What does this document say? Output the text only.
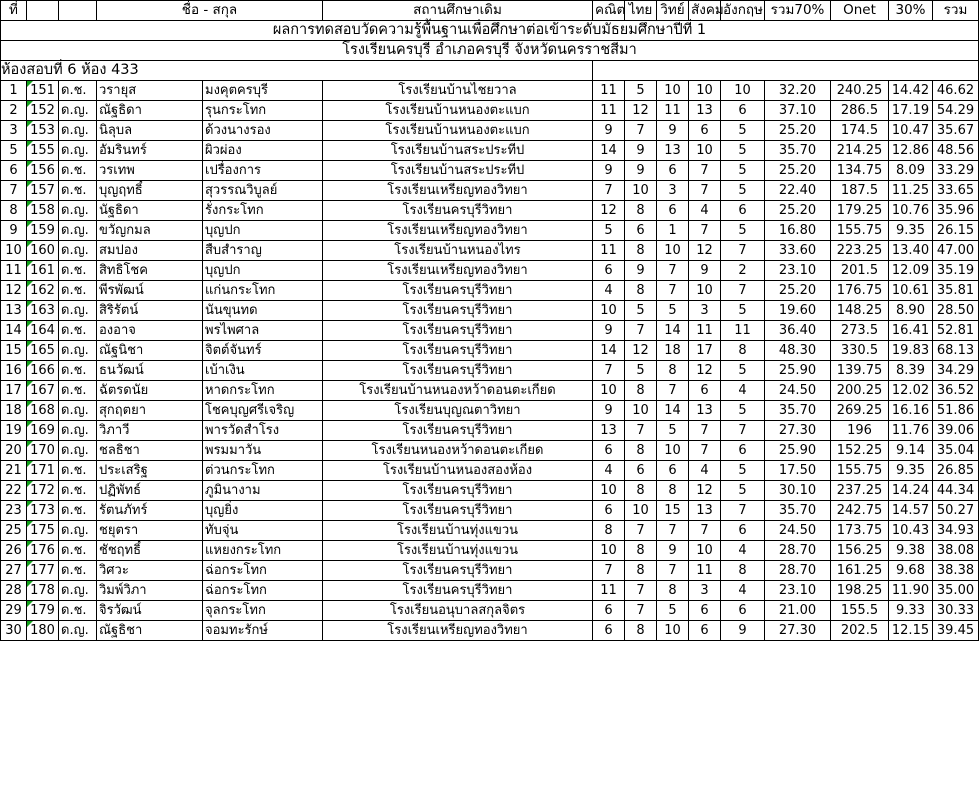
ผลการทดสอบวัดความรู้พื้นฐานเพื่อศึกษาต่อเข้าระดับมัธยมศึกษาปีที่ 1														
โรงเรียนครบุรี อำเภอครบุรี จังหวัดนครราชสีมา														
ห้องสอบที่ 6 ห้อง 433														
ที่			ชื่อ - สกุล		สถานศึกษาเดิม	คณิต	ไทย	วิทย์	สังคม	อังกฤษ	รวม70%	Onet	30%	รวม
1	151	ด.ช.	วรายุส	มงคุตครบุรี	โรงเรียนบ้านไชยวาล	11	5	10	10	10	32.20	240.25	14.42	46.62
2	152	ด.ญ.	ณัฐธิดา	รุนกระโทก	โรงเรียนบ้านหนองตะแบก	11	12	11	13	6	37.10	286.5	17.19	54.29
3	153	ด.ญ.	นิลุบล	ด้วงนางรอง	โรงเรียนบ้านหนองตะแบก	9	7	9	6	5	25.20	174.5	10.47	35.67
5	155	ด.ญ.	อัมรินทร์	ผิวผ่อง	โรงเรียนบ้านสระประทีป	14	9	13	10	5	35.70	214.25	12.86	48.56
6	156	ด.ช.	วรเทพ	เปรื่องการ	โรงเรียนบ้านสระประทีป	9	9	6	7	5	25.20	134.75	8.09	33.29
7	157	ด.ช.	บุญฤทธิ์	สุวรรณวิบูลย์	โรงเรียนเหรียญทองวิทยา	7	10	3	7	5	22.40	187.5	11.25	33.65
8	158	ด.ญ.	นัฐธิดา	รั่งกระโทก	โรงเรียนครบุรีวิทยา	12	8	6	4	6	25.20	179.25	10.76	35.96
9	159	ด.ญ.	ขวัญกมล	บุญปก	โรงเรียนเหรียญทองวิทยา	5	6	1	7	5	16.80	155.75	9.35	26.15
10	160	ด.ญ.	สมปอง	สืบสำราญ	โรงเรียนบ้านหนองไทร	11	8	10	12	7	33.60	223.25	13.40	47.00
11	161	ด.ช.	สิทธิโชค	บุญปก	โรงเรียนเหรียญทองวิทยา	6	9	7	9	2	23.10	201.5	12.09	35.19
12	162	ด.ช.	พีรพัฒน์	แก่นกระโทก	โรงเรียนครบุรีวิทยา	4	8	7	10	7	25.20	176.75	10.61	35.81
13	163	ด.ญ.	สิริรัตน์	นันขุนทด	โรงเรียนครบุรีวิทยา	10	5	5	3	5	19.60	148.25	8.90	28.50
14	164	ด.ช.	องอาจ	พรไพศาล	โรงเรียนครบุรีวิทยา	9	7	14	11	11	36.40	273.5	16.41	52.81
15	165	ด.ญ.	ณัฐนิชา	จิตต์จันทร์	โรงเรียนครบุรีวิทยา	14	12	18	17	8	48.30	330.5	19.83	68.13
16	166	ด.ช.	ธนวัฒน์	เบ้าเงิน	โรงเรียนครบุรีวิทยา	7	5	8	12	5	25.90	139.75	8.39	34.29
17	167	ด.ช.	ฉัตรดนัย	หาดกระโทก	โรงเรียนบ้านหนองหว้าดอนตะเกียด	10	8	7	6	4	24.50	200.25	12.02	36.52
18	168	ด.ญ.	สุกฤตยา	โชคบุญศรีเจริญ	โรงเรียนบุญณตาวิทยา	9	10	14	13	5	35.70	269.25	16.16	51.86
19	169	ด.ญ.	วิภาวี	พารวัดสำโรง	โรงเรียนครบุรีวิทยา	13	7	5	7	7	27.30	196	11.76	39.06
20	170	ด.ญ.	ชลธิชา	พรมมาวัน	โรงเรียนหนองหว้าดอนตะเกียด	6	8	10	7	6	25.90	152.25	9.14	35.04
21	171	ด.ช.	ประเสริฐ	ต่วนกระโทก	โรงเรียนบ้านหนองสองห้อง	4	6	6	4	5	17.50	155.75	9.35	26.85
22	172	ด.ช.	ปฏิพัทธ์	ภูมินางาม	โรงเรียนครบุรีวิทยา	10	8	8	12	5	30.10	237.25	14.24	44.34
23	173	ด.ช.	รัตนภัทร์	บุญยิ่ง	โรงเรียนครบุรีวิทยา	6	10	15	13	7	35.70	242.75	14.57	50.27
25	175	ด.ญ.	ชยุตรา	ทับจุ่น	โรงเรียนบ้านทุ่งแขวน	8	7	7	7	6	24.50	173.75	10.43	34.93
26	176	ด.ช.	ชัชฤทธิ์	แหยงกระโทก	โรงเรียนบ้านทุ่งแขวน	10	8	9	10	4	28.70	156.25	9.38	38.08
27	177	ด.ช.	วิศวะ	ฉ่อกระโทก	โรงเรียนครบุรีวิทยา	7	8	7	11	8	28.70	161.25	9.68	38.38
28	178	ด.ญ.	วิมพ์วิภา	ฉ่อกระโทก	โรงเรียนครบุรีวิทยา	11	7	8	3	4	23.10	198.25	11.90	35.00
29	179	ด.ช.	จิรวัฒน์	จุลกระโทก	โรงเรียนอนุบาลสกุลจิตร	6	7	5	6	6	21.00	155.5	9.33	30.33
30	180	ด.ญ.	ณัฐธิชา	จอมทะรักษ์	โรงเรียนเหรียญทองวิทยา	6	8	10	6	9	27.30	202.5	12.15	39.45
